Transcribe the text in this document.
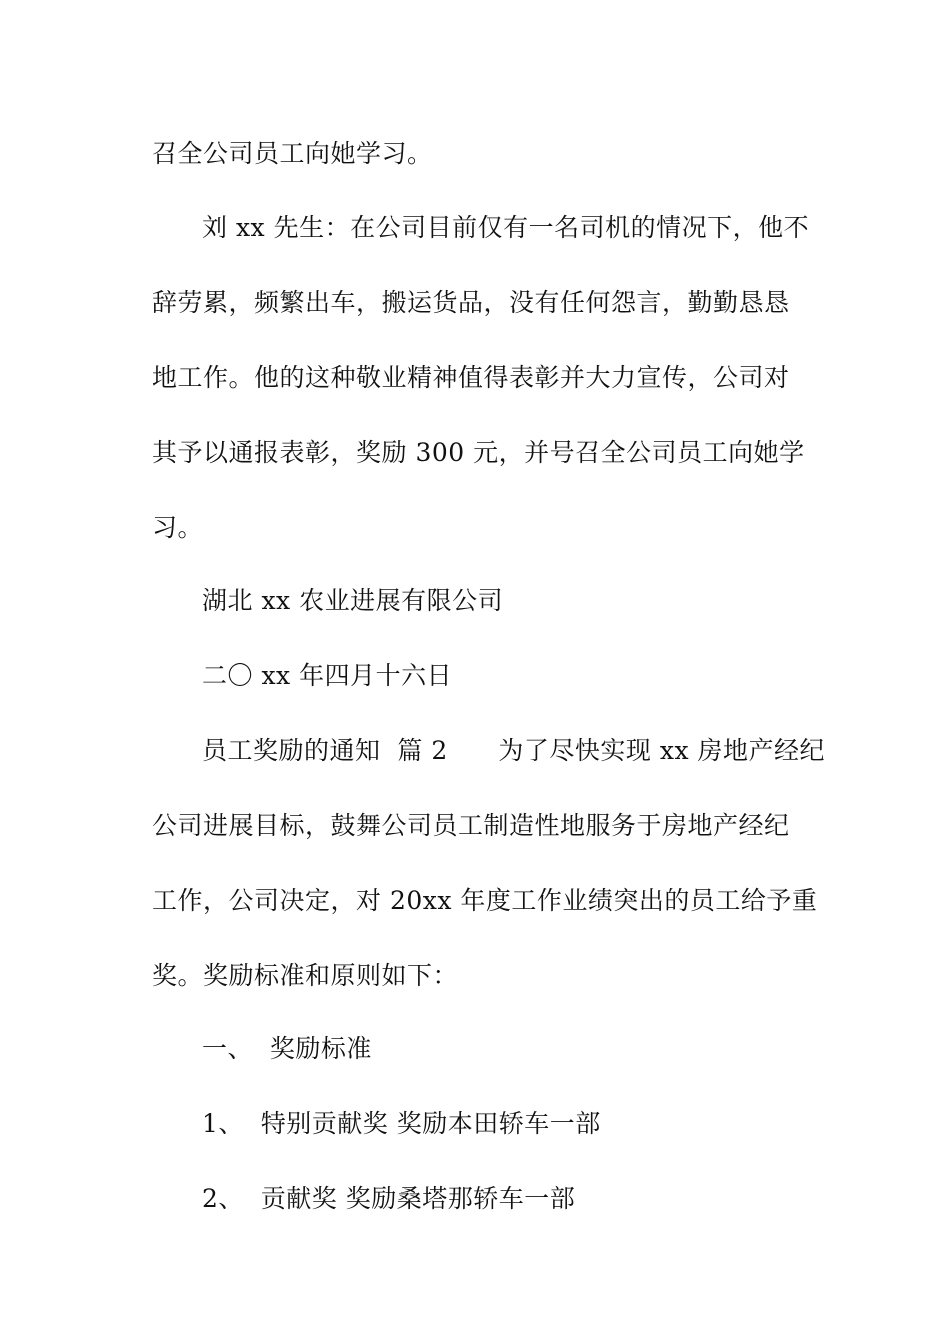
召全公司员工向她学习。
刘 xx 先生：在公司目前仅有一名司机的情况下，他不
辞劳累，频繁出车，搬运货品，没有任何怨言，勤勤恳恳
地工作。他的这种敬业精神值得表彰并大力宣传，公司对
其予以通报表彰，奖励 300 元，并号召全公司员工向她学
习。
湖北 xx 农业进展有限公司
二〇 xx 年四月十六日
员工奖励的通知  篇 2      为了尽快实现 xx 房地产经纪
公司进展目标，鼓舞公司员工制造性地服务于房地产经纪
工作，公司决定，对 20xx 年度工作业绩突出的员工给予重
奖。奖励标准和原则如下：
一、  奖励标准
1、  特别贡献奖 奖励本田轿车一部
2、  贡献奖 奖励桑塔那轿车一部
